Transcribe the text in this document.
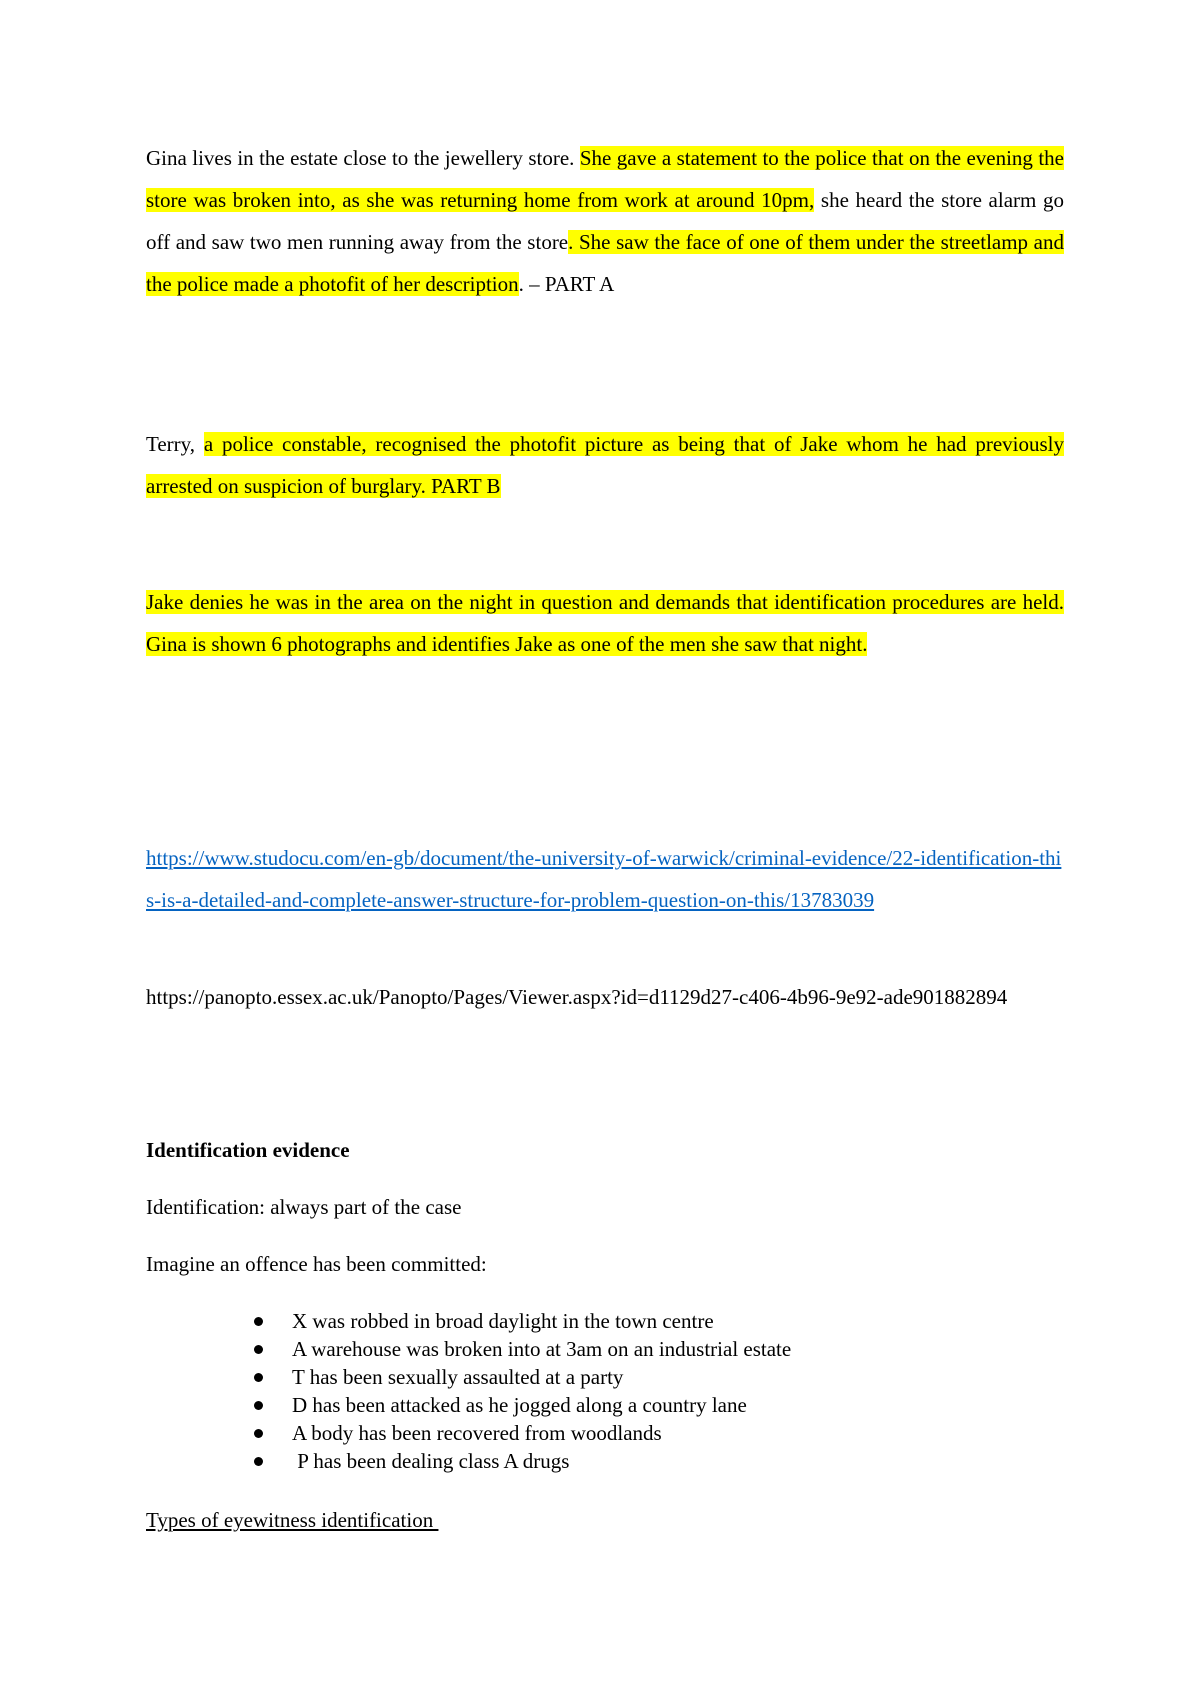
Gina lives in the estate close to the jewellery store. She gave a statement to the police that on the evening the store was broken into, as she was returning home from work at around 10pm, she heard the store alarm go off and saw two men running away from the store. She saw the face of one of them under the streetlamp and the police made a photofit of her description. – PART A

Terry, a police constable, recognised the photofit picture as being that of Jake whom he had previously arrested on suspicion of burglary. PART B

Jake denies he was in the area on the night in question and demands that identification procedures are held. Gina is shown 6 photographs and identifies Jake as one of the men she saw that night.

https://www.studocu.com/en-gb/document/the-university-of-warwick/criminal-evidence/22-identification-this-is-a-detailed-and-complete-answer-structure-for-problem-question-on-this/13783039

https://panopto.essex.ac.uk/Panopto/Pages/Viewer.aspx?id=d1129d27-c406-4b96-9e92-ade901882894

Identification evidence
Identification: always part of the case
Imagine an offence has been committed:
X was robbed in broad daylight in the town centre
A warehouse was broken into at 3am on an industrial estate
T has been sexually assaulted at a party
D has been attacked as he jogged along a country lane
A body has been recovered from woodlands
P has been dealing class A drugs
Types of eyewitness identification
